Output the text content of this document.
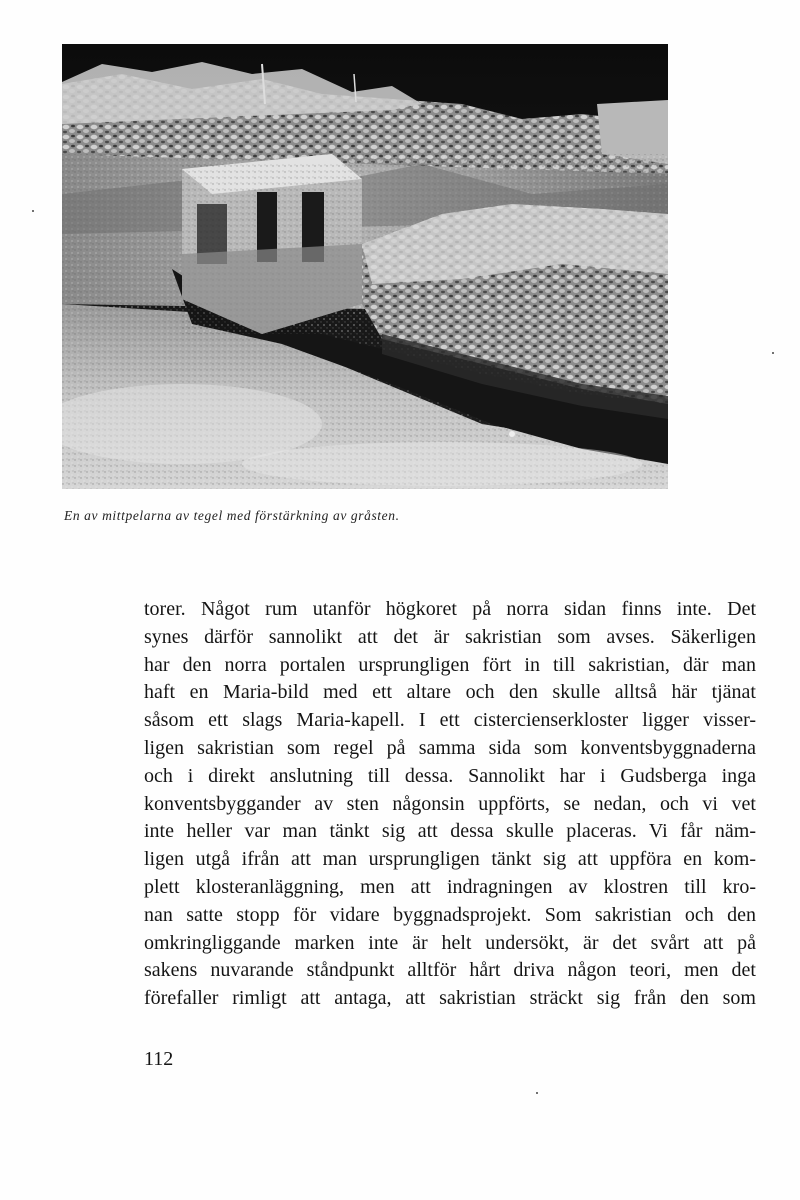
En av mittpelarna av tegel med förstärkning av gråsten.
torer. Något rum utanför högkoret på norra sidan finns inte. Det
synes därför sannolikt att det är sakristian som avses. Säkerligen
har den norra portalen ursprungligen fört in till sakristian, där man
haft en Maria-bild med ett altare och den skulle alltså här tjänat
såsom ett slags Maria-kapell. I ett cistercienserkloster ligger visser-
ligen sakristian som regel på samma sida som konventsbyggnaderna
och i direkt anslutning till dessa. Sannolikt har i Gudsberga inga
konventsbyggander av sten någonsin uppförts, se nedan, och vi vet
inte heller var man tänkt sig att dessa skulle placeras. Vi får näm-
ligen utgå ifrån att man ursprungligen tänkt sig att uppföra en kom-
plett klosteranläggning, men att indragningen av klostren till kro-
nan satte stopp för vidare byggnadsprojekt. Som sakristian och den
omkringliggande marken inte är helt undersökt, är det svårt att på
sakens nuvarande ståndpunkt alltför hårt driva någon teori, men det
förefaller rimligt att antaga, att sakristian sträckt sig från den som
112
